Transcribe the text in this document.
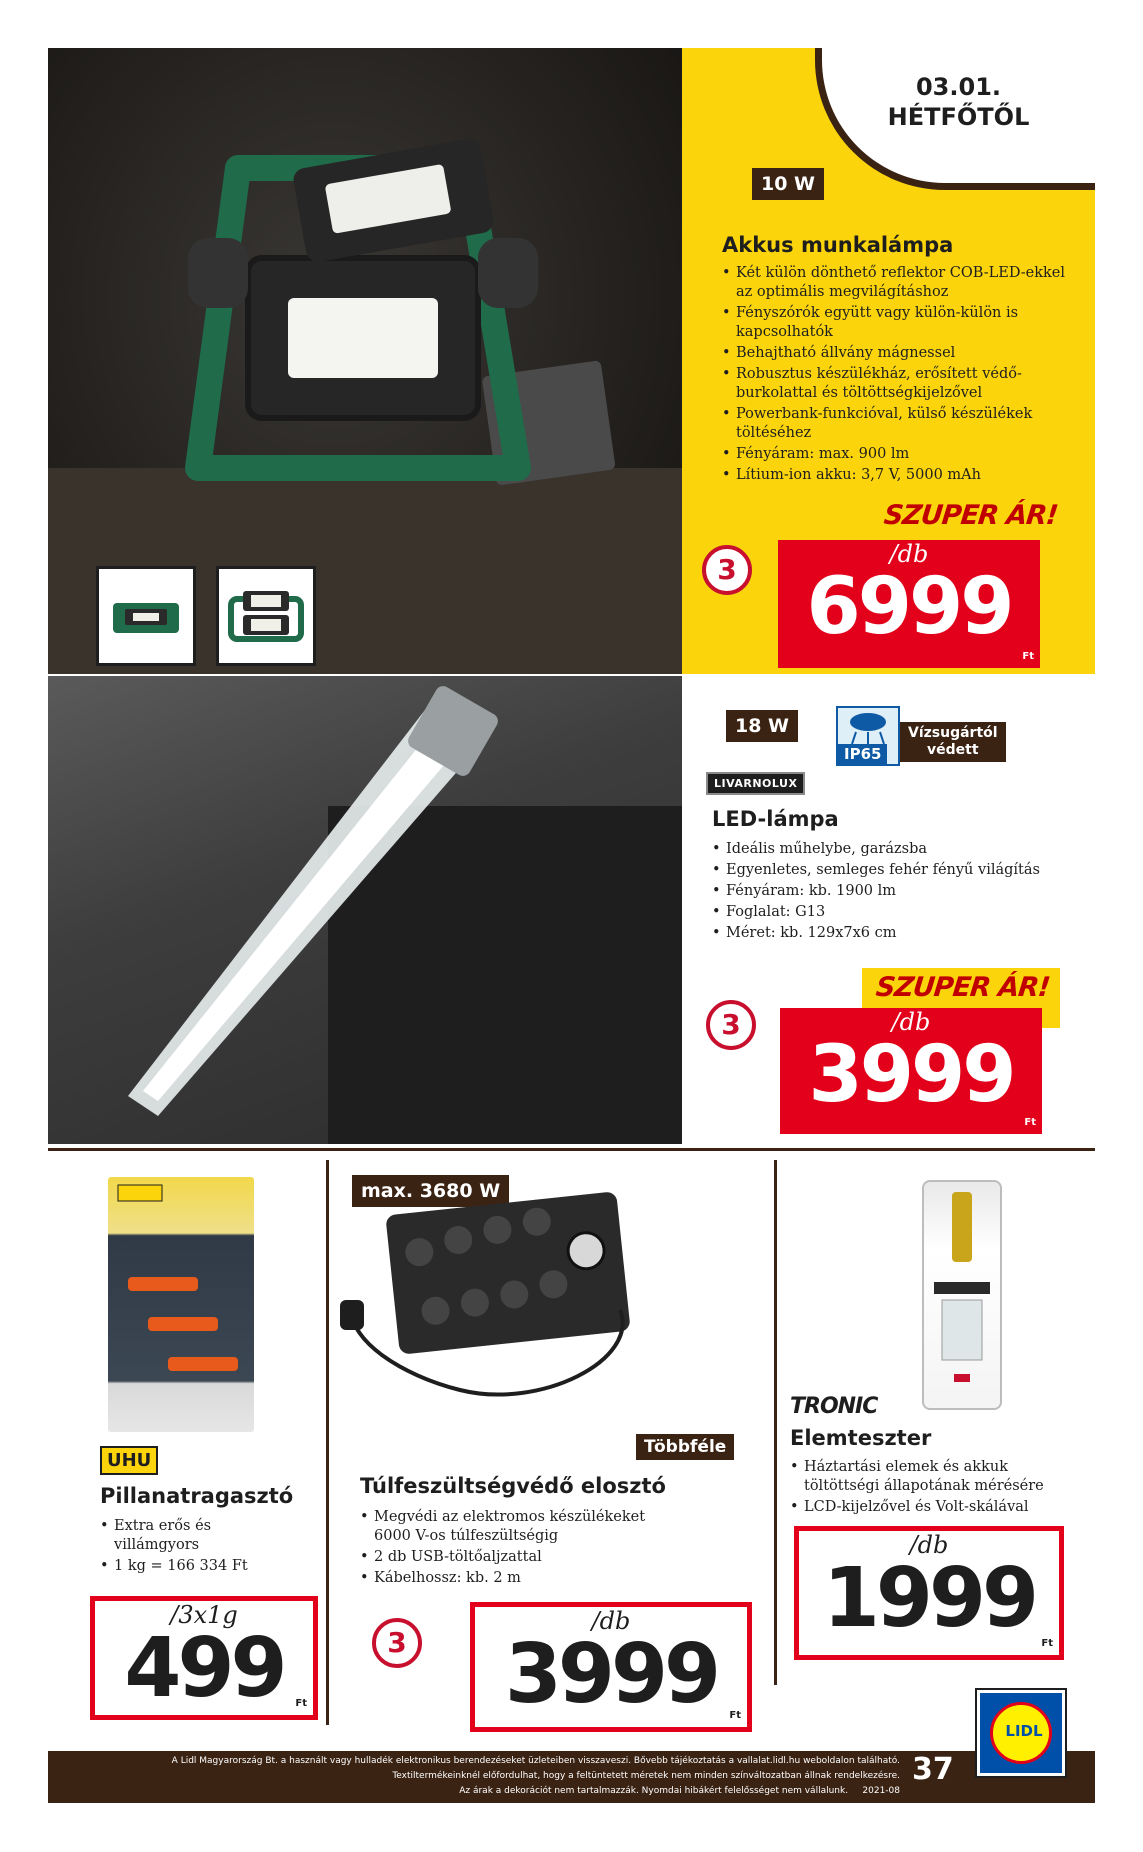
03.01.
HÉTFŐTŐL
10 W
Akkus munkalámpa
• Két külön dönthető reflektor COB-LED-ekkel az optimális megvilágításhoz
• Fényszórók együtt vagy külön-külön is kapcsolhatók
• Behajtható állvány mágnessel
• Robusztus készülékház, erősített védő-burkolattal és töltöttségkijelzővel
• Powerbank-funkcióval, külső készülékek töltéséhez
• Fényáram: max. 900 lm
• Lítium-ion akku: 3,7 V, 5000 mAh
SZUPER ÁR!
3	/db
6999
Ft
18 W
IP65
Vízsugártól
védett
LIVARNOLUX
LED-lámpa
• Ideális műhelybe, garázsba
• Egyenletes, semleges fehér fényű világítás
• Fényáram: kb. 1900 lm
• Foglalat: G13
• Méret: kb. 129x7x6 cm
SZUPER ÁR!
3	/db
3999
Ft
UHU
Pillanatragasztó
• Extra erős és villámgyors
• 1 kg = 166 334 Ft
/3x1g
499	Ft
max. 3680 W
Többféle
Túlfeszültségvédő elosztó
• Megvédi az elektromos készülékeket 6000 V-os túlfeszültségig
• 2 db USB-töltőaljzattal
• Kábelhossz: kb. 2 m
3
/db
3999	Ft
TRONIC
Elemteszter
• Háztartási elemek és akkuk töltöttségi állapotának mérésére
• LCD-kijelzővel és Volt-skálával
/db
1999 Ft
A Lidl Magyarország Bt. a használt vagy hulladék elektronikus berendezéseket üzleteiben visszaveszi. Bővebb tájékoztatás a vallalat.lidl.hu weboldalon található.
Textiltermékeinknél előfordulhat, hogy a feltüntetett méretek nem minden színváltozatban állnak rendelkezésre.
Az árak a dekorációt nem tartalmazzák. Nyomdai hibákért felelősséget nem vállalunk. 2021-08
37
LIDL
